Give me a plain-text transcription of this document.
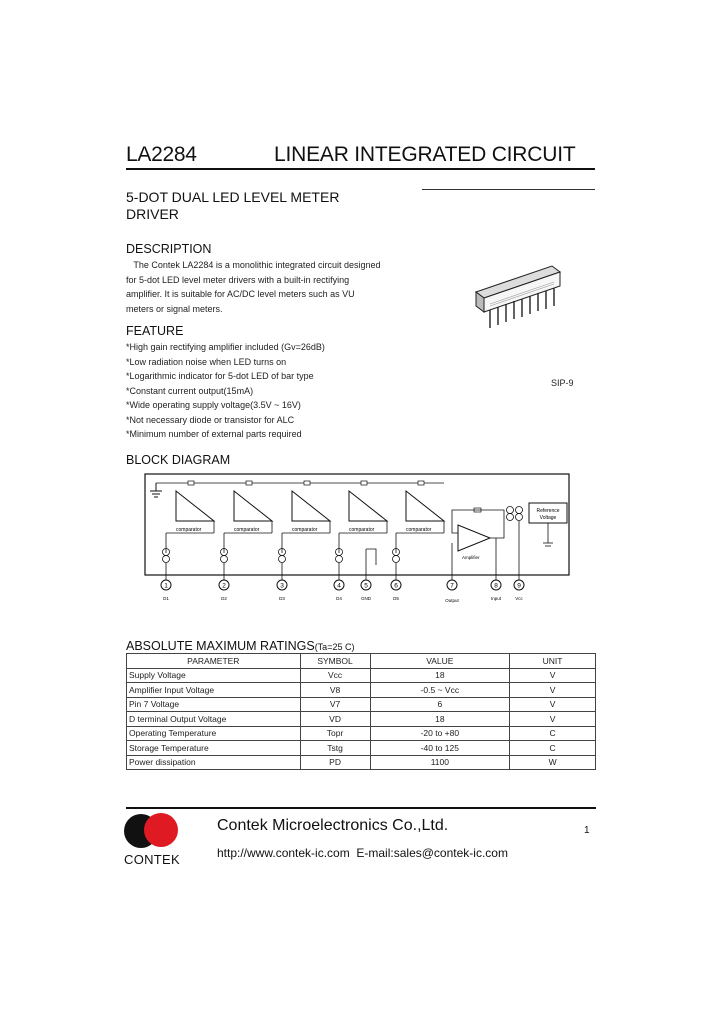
LA2284	LINEAR INTEGRATED CIRCUIT
5-DOT DUAL LED LEVEL METER
DRIVER
DESCRIPTION
The Contek LA2284 is a monolithic integrated circuit designed
for 5-dot LED level meter drivers with a built-in rectifying
amplifier. It is suitable for AC/DC level meters such as VU
meters or signal meters.
FEATURE
*High gain rectifying amplifier included (Gv=26dB)
*Low radiation noise when LED turns on
*Logarithmic indicator for 5-dot LED of bar type
*Constant current output(15mA)
*Wide operating supply voltage(3.5V ~ 16V)
*Not necessary diode or transistor for ALC
*Minimum number of external parts required
SIP-9
BLOCK DIAGRAM
comparator	comparator	comparator	comparator	comparator
Amplifier
Reference
Voltage
1
D1
2
D2
3
D3
4
D4
5
GND
6
D5
7
Output
8
Input
9
Vcc
ABSOLUTE MAXIMUM RATINGS(Ta=25 C)
PARAMETER	SYMBOL	VALUE	UNIT
Supply Voltage	Vcc	18	V
Amplifier Input Voltage	V8	-0.5 ~ Vcc	V
Pin 7 Voltage	V7	6	V
D terminal Output Voltage	VD	18	V
Operating Temperature	Topr	-20 to +80	C
Storage Temperature	Tstg	-40 to 125	C
Power dissipation	PD	1100	W
CONTEK
Contek Microelectronics Co.,Ltd.	1
http://www.contek-ic.com E-mail:sales@contek-ic.com
